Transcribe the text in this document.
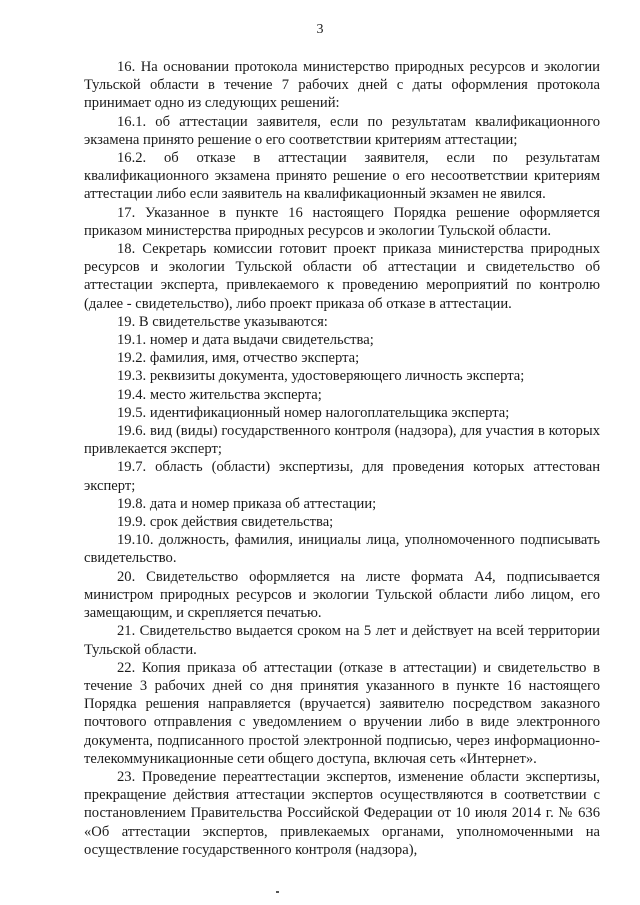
3

16. На основании протокола министерство природных ресурсов и экологии Тульской области в течение 7 рабочих дней с даты оформления протокола принимает одно из следующих решений:

16.1. об аттестации заявителя, если по результатам квалификационного экзамена принято решение о его соответствии критериям аттестации;

16.2. об отказе в аттестации заявителя, если по результатам квалификационного экзамена принято решение о его несоответствии критериям аттестации либо если заявитель на квалификационный экзамен не явился.

17. Указанное в пункте 16 настоящего Порядка решение оформляется приказом министерства природных ресурсов и экологии Тульской области.

18. Секретарь комиссии готовит проект приказа министерства природных ресурсов и экологии Тульской области об аттестации и свидетельство об аттестации эксперта, привлекаемого к проведению мероприятий по контролю (далее - свидетельство), либо проект приказа об отказе в аттестации.

19. В свидетельстве указываются:

19.1. номер и дата выдачи свидетельства;

19.2. фамилия, имя, отчество эксперта;

19.3. реквизиты документа, удостоверяющего личность эксперта;

19.4. место жительства эксперта;

19.5. идентификационный номер налогоплательщика эксперта;

19.6. вид (виды) государственного контроля (надзора), для участия в которых привлекается эксперт;

19.7. область (области) экспертизы, для проведения которых аттестован эксперт;

19.8. дата и номер приказа об аттестации;

19.9. срок действия свидетельства;

19.10. должность, фамилия, инициалы лица, уполномоченного подписывать свидетельство.

20. Свидетельство оформляется на листе формата А4, подписывается министром природных ресурсов и экологии Тульской области либо лицом, его замещающим, и скрепляется печатью.

21. Свидетельство выдается сроком на 5 лет и действует на всей территории Тульской области.

22. Копия приказа об аттестации (отказе в аттестации) и свидетельство в течение 3 рабочих дней со дня принятия указанного в пункте 16 настоящего Порядка решения направляется (вручается) заявителю посредством заказного почтового отправления с уведомлением о вручении либо в виде электронного документа, подписанного простой электронной подписью, через информационно-телекоммуникационные сети общего доступа, включая сеть «Интернет».

23. Проведение переаттестации экспертов, изменение области экспертизы, прекращение действия аттестации экспертов осуществляются в соответствии с постановлением Правительства Российской Федерации от 10 июля 2014 г. № 636 «Об аттестации экспертов, привлекаемых органами, уполномоченными на осуществление государственного контроля (надзора),
